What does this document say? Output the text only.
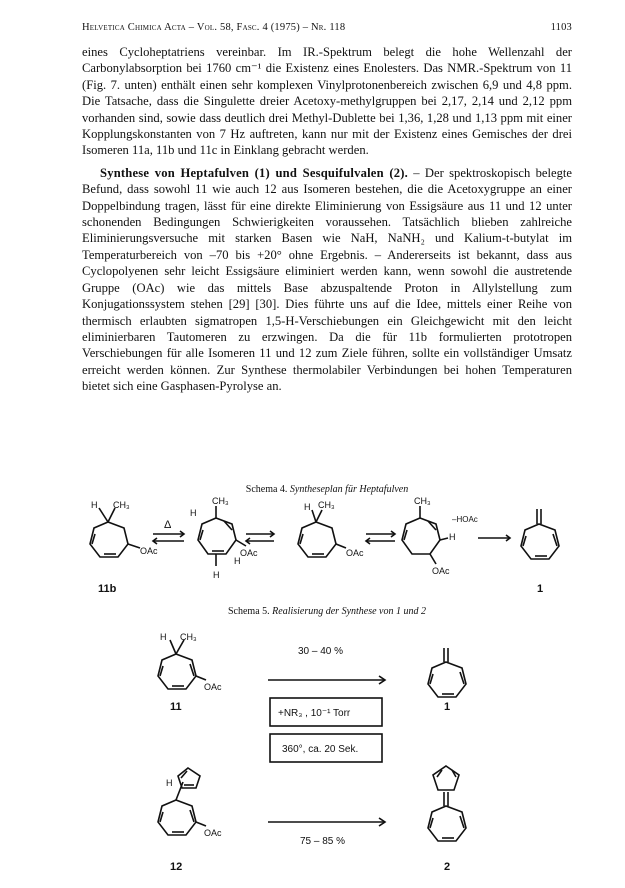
Helvetica Chimica Acta – Vol. 58, Fasc. 4 (1975) – Nr. 118	1103

eines Cycloheptatriens vereinbar. Im IR.-Spektrum belegt die hohe Wellenzahl der Carbonylabsorption bei 1760 cm⁻¹ die Existenz eines Enolesters. Das NMR.-Spektrum von 11 (Fig. 7. unten) enthält einen sehr komplexen Vinylprotonenbereich zwischen 6,9 und 4,8 ppm. Die Tatsache, dass die Singulette dreier Acetoxy-methylgruppen bei 2,17, 2,14 und 2,12 ppm vorhanden sind, sowie dass deutlich drei Methyl-Dublette bei 1,36, 1,28 und 1,13 ppm mit einer Kopplungskonstanten von 7 Hz auftreten, kann nur mit der Existenz eines Gemisches der drei Isomeren 11a, 11b und 11c in Einklang gebracht werden.

Synthese von Heptafulven (1) und Sesquifulvalen (2). – Der spektroskopisch belegte Befund, dass sowohl 11 wie auch 12 aus Isomeren bestehen, die die Acetoxygruppe an einer Doppelbindung tragen, lässt für eine direkte Eliminierung von Essigsäure aus 11 und 12 unter schonenden Bedingungen Schwierigkeiten voraussehen. Tatsächlich blieben zahlreiche Eliminierungsversuche mit starken Basen wie NaH, NaNH₂ und Kalium-t-butylat im Temperaturbereich von –70 bis +20° ohne Ergebnis. – Andererseits ist bekannt, dass aus Cyclopolyenen sehr leicht Essigsäure eliminiert werden kann, wenn sowohl die austretende Gruppe (OAc) wie das mittels Base abzuspaltende Proton in Allylstellung zum Konjugationssystem stehen [29] [30]. Dies führte uns auf die Idee, mittels einer Reihe von thermisch erlaubten sigmatropen 1,5-H-Verschiebungen ein Gleichgewicht mit den leicht eliminierbaren Tautomeren zu erzwingen. Da die für 11b formulierten prototropen Verschiebungen für alle Isomeren 11 und 12 zum Ziele führen, sollte ein vollständiger Umsatz erreicht werden können. Zur Synthese thermolabiler Verbindungen bei hohen Temperaturen bietet sich eine Gasphasen-Pyrolyse an.

Schema 4. Syntheseplan für Heptafulven
H CH₃
OAc
Δ
CH₃
H
H
OAc
H
H CH₃
OAc
CH₃
OAc
H
–HOAc
11b	1
Schema 5. Realisierung der Synthese von 1 und 2
H CH₃
OAc
30 – 40 %
+NR₃ , 10⁻¹ Torr
360°, ca. 20 Sek.
H
OAc
75 – 85 %
11	1
12	2
